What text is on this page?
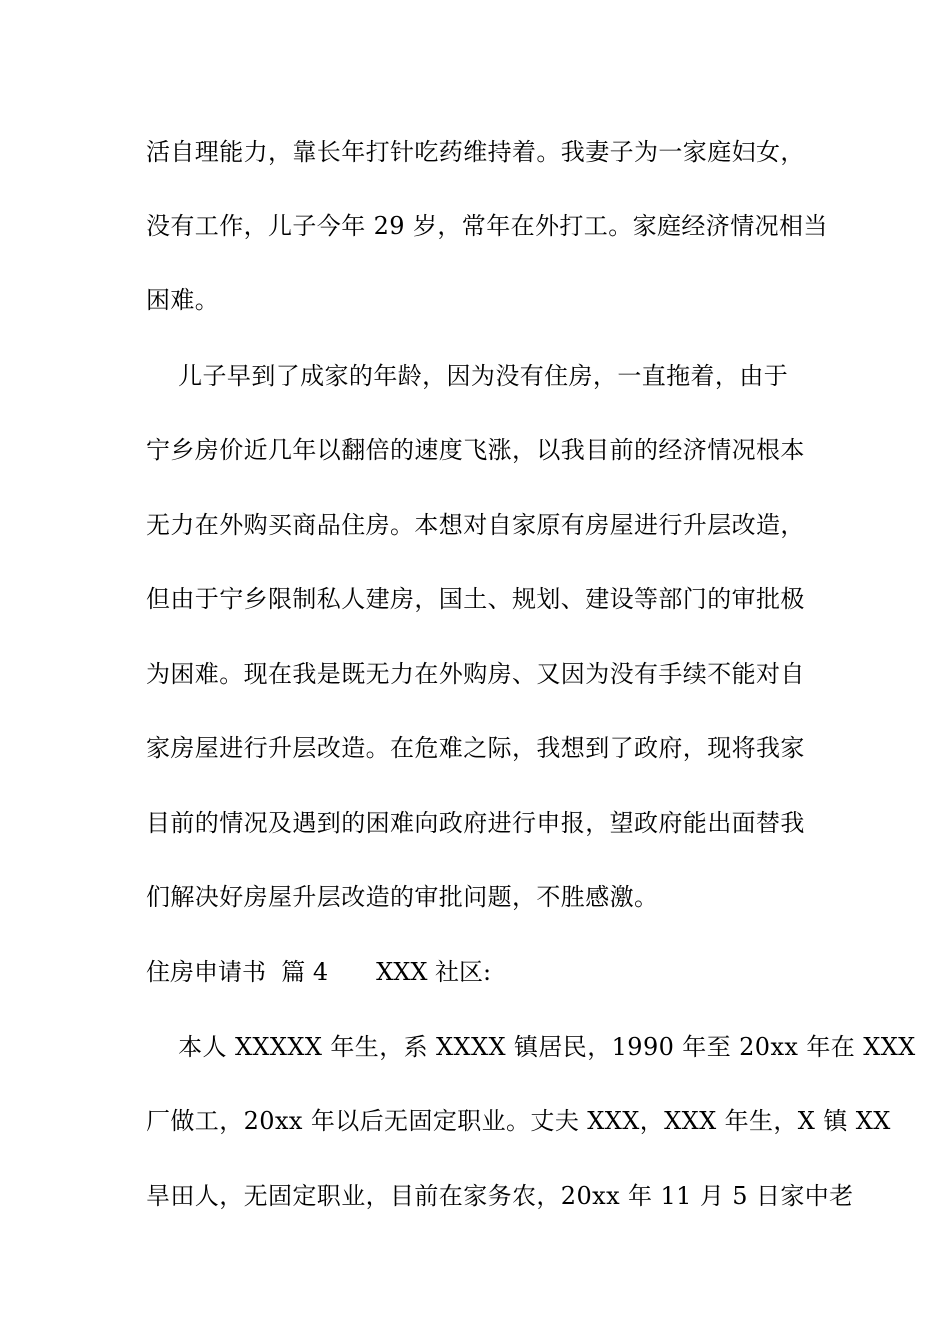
活自理能力，靠长年打针吃药维持着。我妻子为一家庭妇女，
没有工作，儿子今年 29 岁，常年在外打工。家庭经济情况相当
困难。
儿子早到了成家的年龄，因为没有住房，一直拖着，由于
宁乡房价近几年以翻倍的速度飞涨，以我目前的经济情况根本
无力在外购买商品住房。本想对自家原有房屋进行升层改造，
但由于宁乡限制私人建房，国土、规划、建设等部门的审批极
为困难。现在我是既无力在外购房、又因为没有手续不能对自
家房屋进行升层改造。在危难之际，我想到了政府，现将我家
目前的情况及遇到的困难向政府进行申报，望政府能出面替我
们解决好房屋升层改造的审批问题，不胜感激。
住房申请书  篇 4 XXX 社区:
本人 XXXXX 年生，系 XXXX 镇居民，1990 年至 20xx 年在 XXX
厂做工，20xx 年以后无固定职业。丈夫 XXX，XXX 年生，X 镇 XX
旱田人，无固定职业，目前在家务农，20xx 年 11 月 5 日家中老
